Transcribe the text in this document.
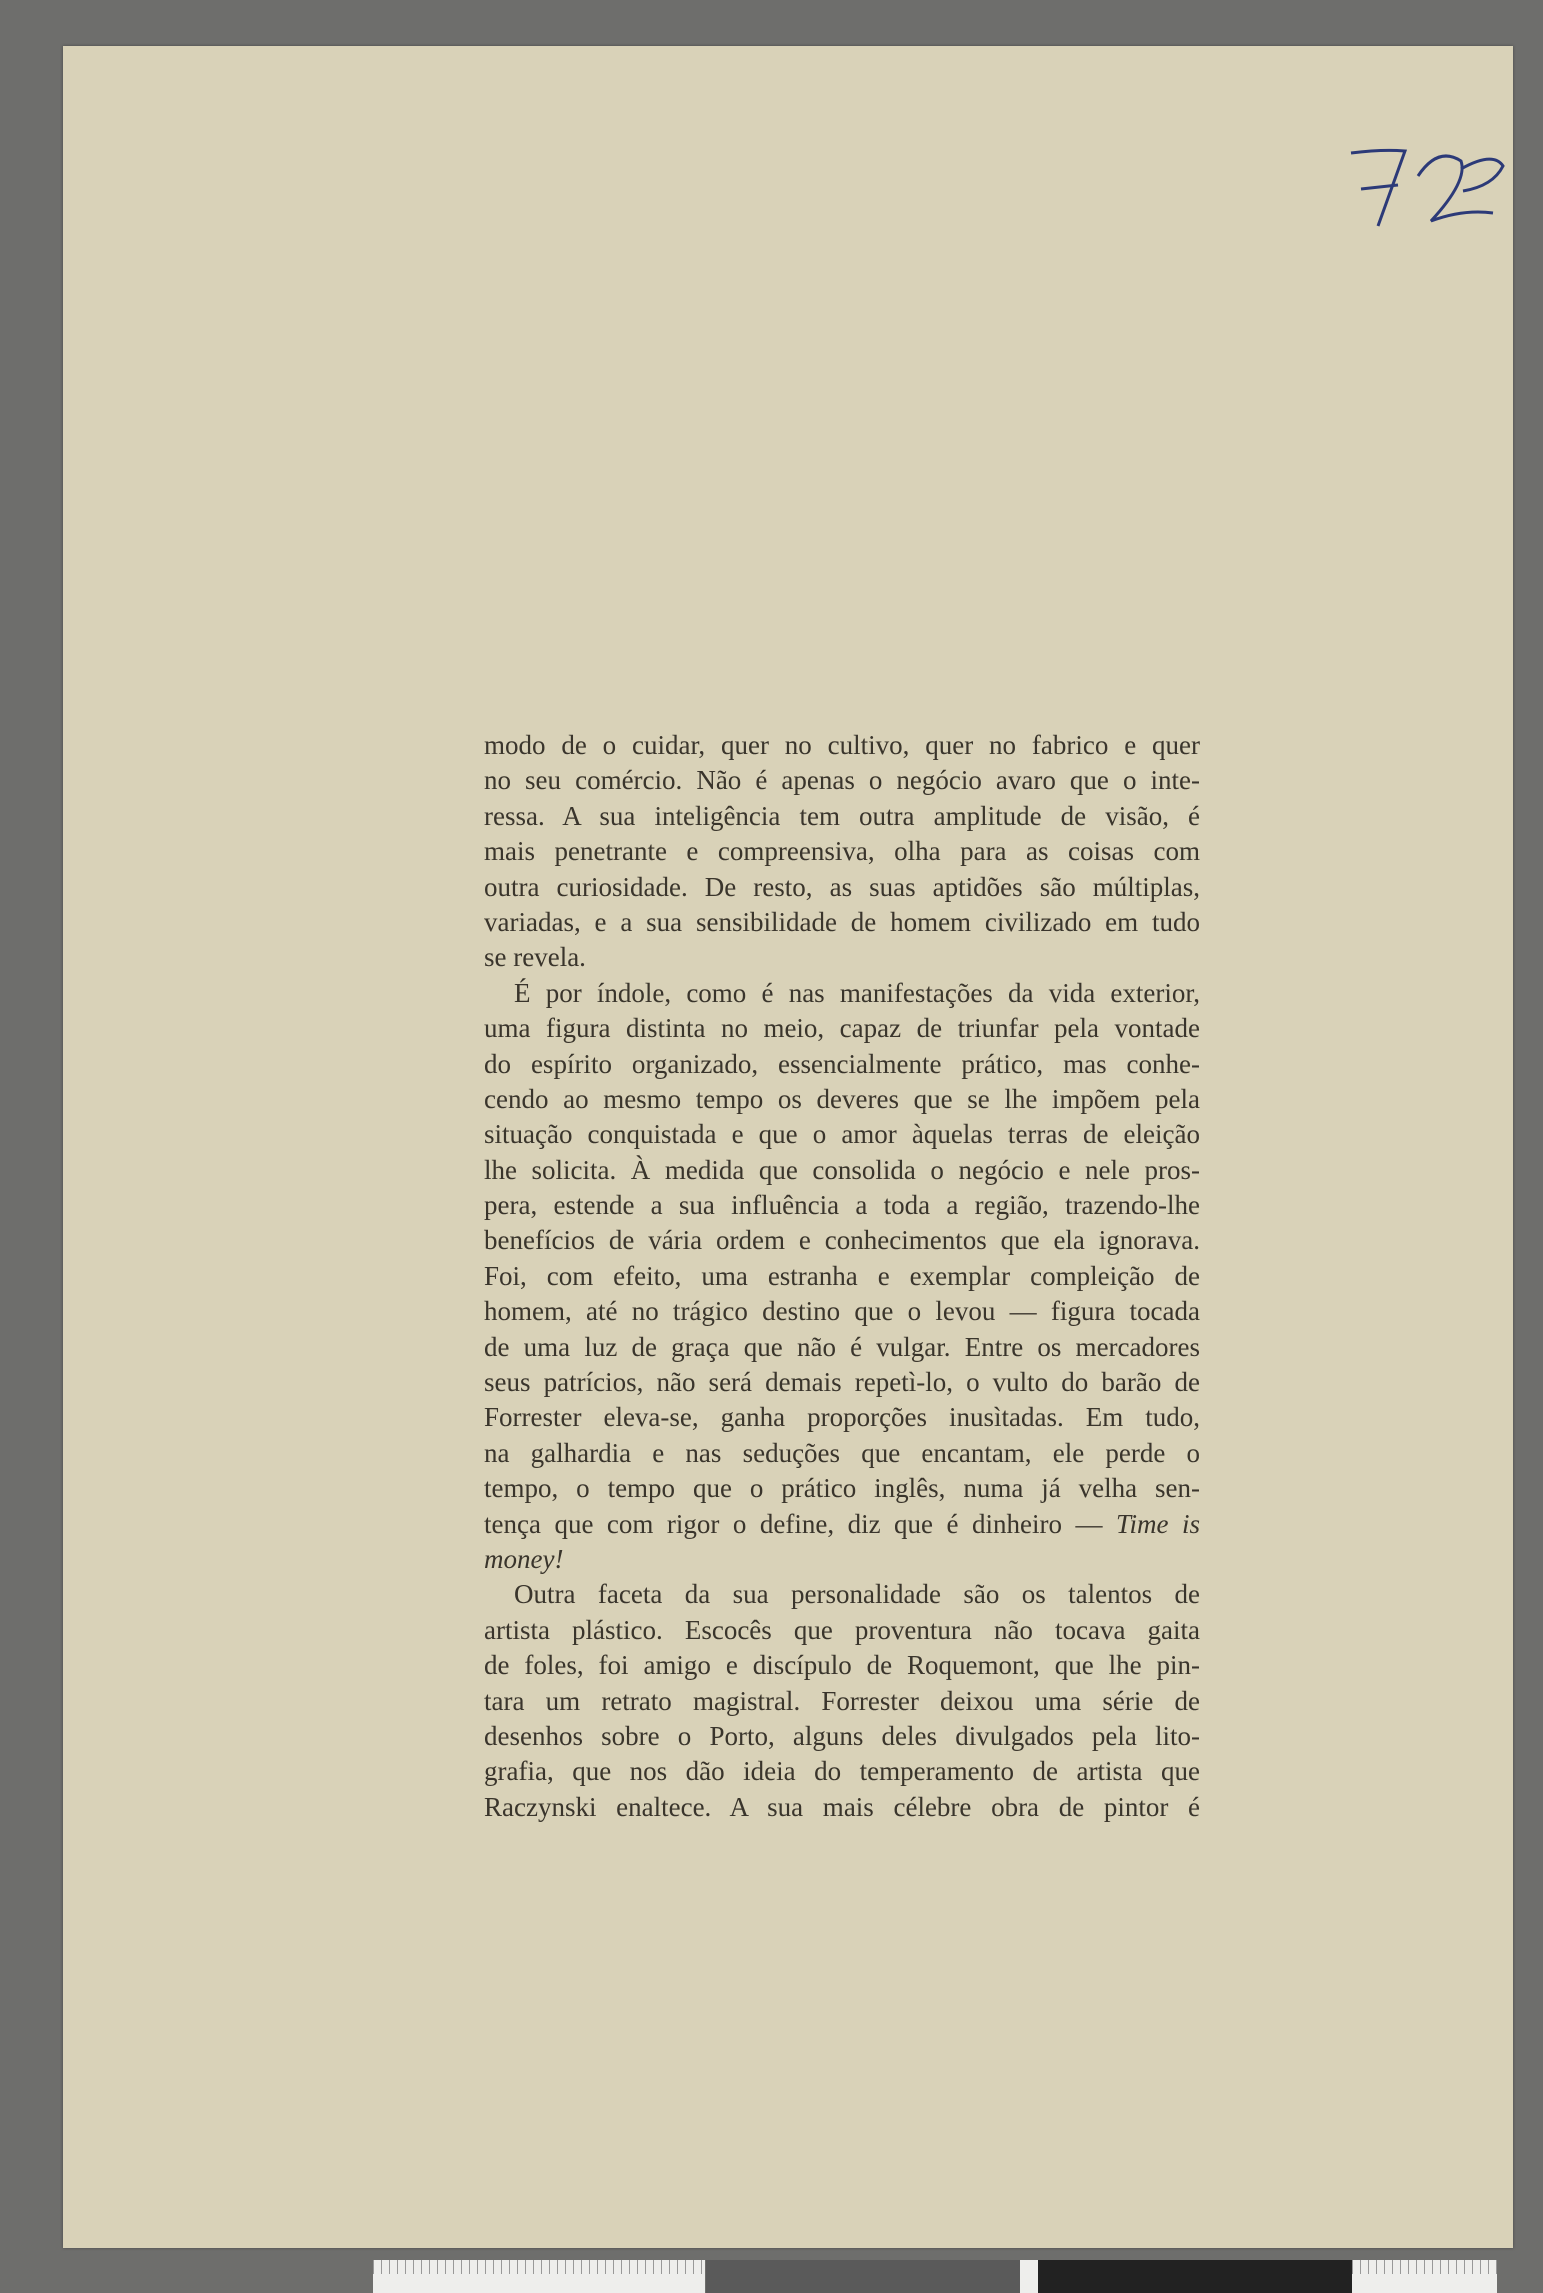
modo de o cuidar, quer no cultivo, quer no fabrico e quer
no seu comércio. Não é apenas o negócio avaro que o inte-
ressa. A sua inteligência tem outra amplitude de visão, é
mais penetrante e compreensiva, olha para as coisas com
outra curiosidade. De resto, as suas aptidões são múltiplas,
variadas, e a sua sensibilidade de homem civilizado em tudo
se revela.
É por índole, como é nas manifestações da vida exterior,
uma figura distinta no meio, capaz de triunfar pela vontade
do espírito organizado, essencialmente prático, mas conhe-
cendo ao mesmo tempo os deveres que se lhe impõem pela
situação conquistada e que o amor àquelas terras de eleição
lhe solicita. À medida que consolida o negócio e nele pros-
pera, estende a sua influência a toda a região, trazendo-lhe
benefícios de vária ordem e conhecimentos que ela ignorava.
Foi, com efeito, uma estranha e exemplar compleição de
homem, até no trágico destino que o levou — figura tocada
de uma luz de graça que não é vulgar. Entre os mercadores
seus patrícios, não será demais repetì-lo, o vulto do barão de
Forrester eleva-se, ganha proporções inusìtadas. Em tudo,
na galhardia e nas seduções que encantam, ele perde o
tempo, o tempo que o prático inglês, numa já velha sen-
tença que com rigor o define, diz que é dinheiro — Time is
money!
Outra faceta da sua personalidade são os talentos de
artista plástico. Escocês que proventura não tocava gaita
de foles, foi amigo e discípulo de Roquemont, que lhe pin-
tara um retrato magistral. Forrester deixou uma série de
desenhos sobre o Porto, alguns deles divulgados pela lito-
grafia, que nos dão ideia do temperamento de artista que
Raczynski enaltece. A sua mais célebre obra de pintor é
